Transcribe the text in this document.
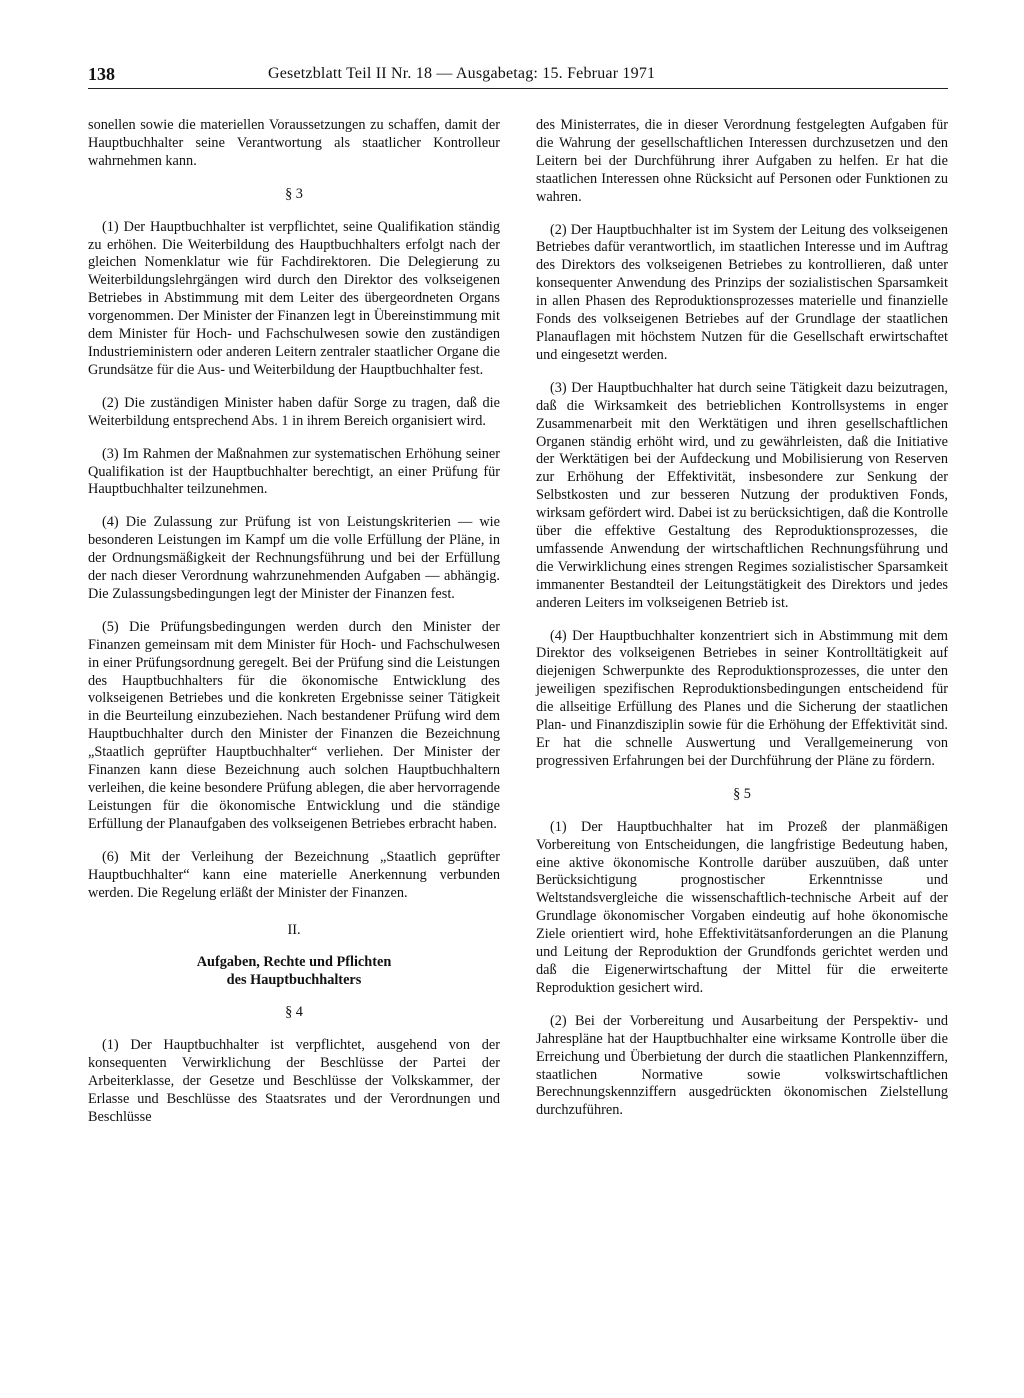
138	Gesetzblatt Teil II Nr. 18 — Ausgabetag: 15. Februar 1971

sonellen sowie die materiellen Voraussetzungen zu schaffen, damit der Hauptbuchhalter seine Verantwortung als staatlicher Kontrolleur wahrnehmen kann.

§ 3

(1) Der Hauptbuchhalter ist verpflichtet, seine Qualifikation ständig zu erhöhen. Die Weiterbildung des Hauptbuchhalters erfolgt nach der gleichen Nomenklatur wie für Fachdirektoren. Die Delegierung zu Weiterbildungslehrgängen wird durch den Direktor des volkseigenen Betriebes in Abstimmung mit dem Leiter des übergeordneten Organs vorgenommen. Der Minister der Finanzen legt in Übereinstimmung mit dem Minister für Hoch- und Fachschulwesen sowie den zuständigen Industrieministern oder anderen Leitern zentraler staatlicher Organe die Grundsätze für die Aus- und Weiterbildung der Hauptbuchhalter fest.

(2) Die zuständigen Minister haben dafür Sorge zu tragen, daß die Weiterbildung entsprechend Abs. 1 in ihrem Bereich organisiert wird.

(3) Im Rahmen der Maßnahmen zur systematischen Erhöhung seiner Qualifikation ist der Hauptbuchhalter berechtigt, an einer Prüfung für Hauptbuchhalter teilzunehmen.

(4) Die Zulassung zur Prüfung ist von Leistungskriterien — wie besonderen Leistungen im Kampf um die volle Erfüllung der Pläne, in der Ordnungsmäßigkeit der Rechnungsführung und bei der Erfüllung der nach dieser Verordnung wahrzunehmenden Aufgaben — abhängig. Die Zulassungsbedingungen legt der Minister der Finanzen fest.

(5) Die Prüfungsbedingungen werden durch den Minister der Finanzen gemeinsam mit dem Minister für Hoch- und Fachschulwesen in einer Prüfungsordnung geregelt. Bei der Prüfung sind die Leistungen des Hauptbuchhalters für die ökonomische Entwicklung des volkseigenen Betriebes und die konkreten Ergebnisse seiner Tätigkeit in die Beurteilung einzubeziehen. Nach bestandener Prüfung wird dem Hauptbuchhalter durch den Minister der Finanzen die Bezeichnung „Staatlich geprüfter Hauptbuchhalter“ verliehen. Der Minister der Finanzen kann diese Bezeichnung auch solchen Hauptbuchhaltern verleihen, die keine besondere Prüfung ablegen, die aber hervorragende Leistungen für die ökonomische Entwicklung und die ständige Erfüllung der Planaufgaben des volkseigenen Betriebes erbracht haben.

(6) Mit der Verleihung der Bezeichnung „Staatlich geprüfter Hauptbuchhalter“ kann eine materielle Anerkennung verbunden werden. Die Regelung erläßt der Minister der Finanzen.

II.
Aufgaben, Rechte und Pflichten
des Hauptbuchhalters
§ 4

(1) Der Hauptbuchhalter ist verpflichtet, ausgehend von der konsequenten Verwirklichung der Beschlüsse der Partei der Arbeiterklasse, der Gesetze und Beschlüsse der Volkskammer, der Erlasse und Beschlüsse des Staatsrates und der Verordnungen und Beschlüsse

des Ministerrates, die in dieser Verordnung festgelegten Aufgaben für die Wahrung der gesellschaftlichen Interessen durchzusetzen und den Leitern bei der Durchführung ihrer Aufgaben zu helfen. Er hat die staatlichen Interessen ohne Rücksicht auf Personen oder Funktionen zu wahren.

(2) Der Hauptbuchhalter ist im System der Leitung des volkseigenen Betriebes dafür verantwortlich, im staatlichen Interesse und im Auftrag des Direktors des volkseigenen Betriebes zu kontrollieren, daß unter konsequenter Anwendung des Prinzips der sozialistischen Sparsamkeit in allen Phasen des Reproduktionsprozesses materielle und finanzielle Fonds des volkseigenen Betriebes auf der Grundlage der staatlichen Planauflagen mit höchstem Nutzen für die Gesellschaft erwirtschaftet und eingesetzt werden.

(3) Der Hauptbuchhalter hat durch seine Tätigkeit dazu beizutragen, daß die Wirksamkeit des betrieblichen Kontrollsystems in enger Zusammenarbeit mit den Werktätigen und ihren gesellschaftlichen Organen ständig erhöht wird, und zu gewährleisten, daß die Initiative der Werktätigen bei der Aufdeckung und Mobilisierung von Reserven zur Erhöhung der Effektivität, insbesondere zur Senkung der Selbstkosten und zur besseren Nutzung der produktiven Fonds, wirksam gefördert wird. Dabei ist zu berücksichtigen, daß die Kontrolle über die effektive Gestaltung des Reproduktionsprozesses, die umfassende Anwendung der wirtschaftlichen Rechnungsführung und die Verwirklichung eines strengen Regimes sozialistischer Sparsamkeit immanenter Bestandteil der Leitungstätigkeit des Direktors und jedes anderen Leiters im volkseigenen Betrieb ist.

(4) Der Hauptbuchhalter konzentriert sich in Abstimmung mit dem Direktor des volkseigenen Betriebes in seiner Kontrolltätigkeit auf diejenigen Schwerpunkte des Reproduktionsprozesses, die unter den jeweiligen spezifischen Reproduktionsbedingungen entscheidend für die allseitige Erfüllung des Planes und die Sicherung der staatlichen Plan- und Finanzdisziplin sowie für die Erhöhung der Effektivität sind. Er hat die schnelle Auswertung und Verallgemeinerung von progressiven Erfahrungen bei der Durchführung der Pläne zu fördern.

§ 5

(1) Der Hauptbuchhalter hat im Prozeß der planmäßigen Vorbereitung von Entscheidungen, die langfristige Bedeutung haben, eine aktive ökonomische Kontrolle darüber auszuüben, daß unter Berücksichtigung prognostischer Erkenntnisse und Weltstandsvergleiche die wissenschaftlich-technische Arbeit auf der Grundlage ökonomischer Vorgaben eindeutig auf hohe ökonomische Ziele orientiert wird, hohe Effektivitätsanforderungen an die Planung und Leitung der Reproduktion der Grundfonds gerichtet werden und daß die Eigenerwirtschaftung der Mittel für die erweiterte Reproduktion gesichert wird.

(2) Bei der Vorbereitung und Ausarbeitung der Perspektiv- und Jahrespläne hat der Hauptbuchhalter eine wirksame Kontrolle über die Erreichung und Überbietung der durch die staatlichen Plankennziffern, staatlichen Normative sowie volkswirtschaftlichen Berechnungskennziffern ausgedrückten ökonomischen Zielstellung durchzuführen.
